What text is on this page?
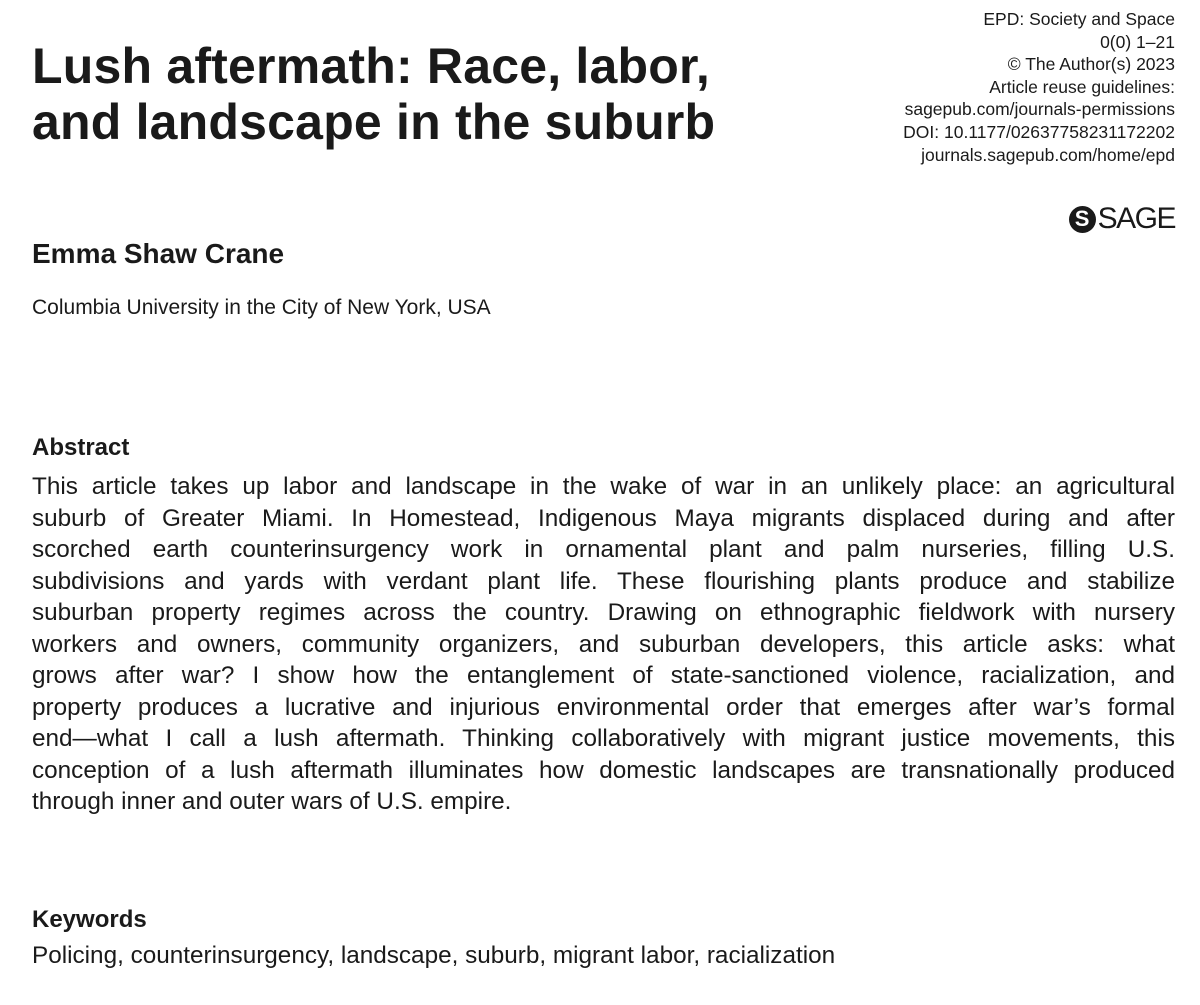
Lush aftermath: Race, labor,
and landscape in the suburb
EPD: Society and Space
0(0) 1–21
© The Author(s) 2023
Article reuse guidelines:
sagepub.com/journals-permissions
DOI: 10.1177/02637758231172202
journals.sagepub.com/home/epd
S SAGE
Emma Shaw Crane
Columbia University in the City of New York, USA
Abstract
This article takes up labor and landscape in the wake of war in an unlikely place: an agricultural
suburb of Greater Miami. In Homestead, Indigenous Maya migrants displaced during and after
scorched earth counterinsurgency work in ornamental plant and palm nurseries, filling U.S.
subdivisions and yards with verdant plant life. These flourishing plants produce and stabilize
suburban property regimes across the country. Drawing on ethnographic fieldwork with nursery
workers and owners, community organizers, and suburban developers, this article asks: what
grows after war? I show how the entanglement of state-sanctioned violence, racialization, and
property produces a lucrative and injurious environmental order that emerges after war’s formal
end—what I call a lush aftermath. Thinking collaboratively with migrant justice movements, this
conception of a lush aftermath illuminates how domestic landscapes are transnationally produced
through inner and outer wars of U.S. empire.
Keywords
Policing, counterinsurgency, landscape, suburb, migrant labor, racialization
